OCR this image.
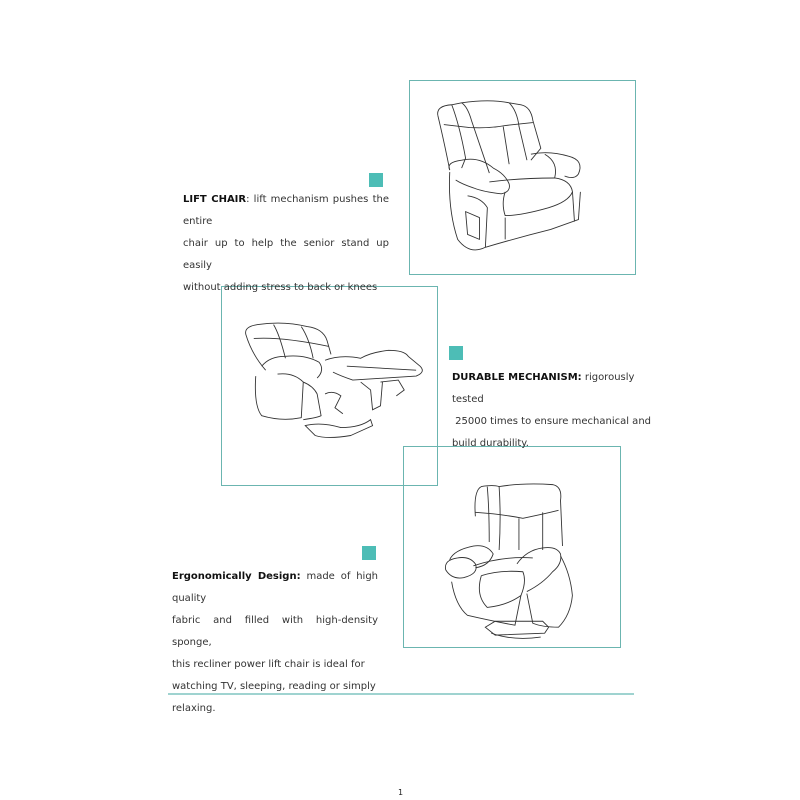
LIFT CHAIR: lift mechanism pushes the entire
chair up to help the senior stand up easily
without adding stress to back or knees
DURABLE MECHANISM: rigorously tested
25000 times to ensure mechanical and
build durability.
Ergonomically Design: made of high quality
fabric and filled with high-density sponge,
this recliner power lift chair is ideal for
watching TV, sleeping, reading or simply
relaxing.
1
